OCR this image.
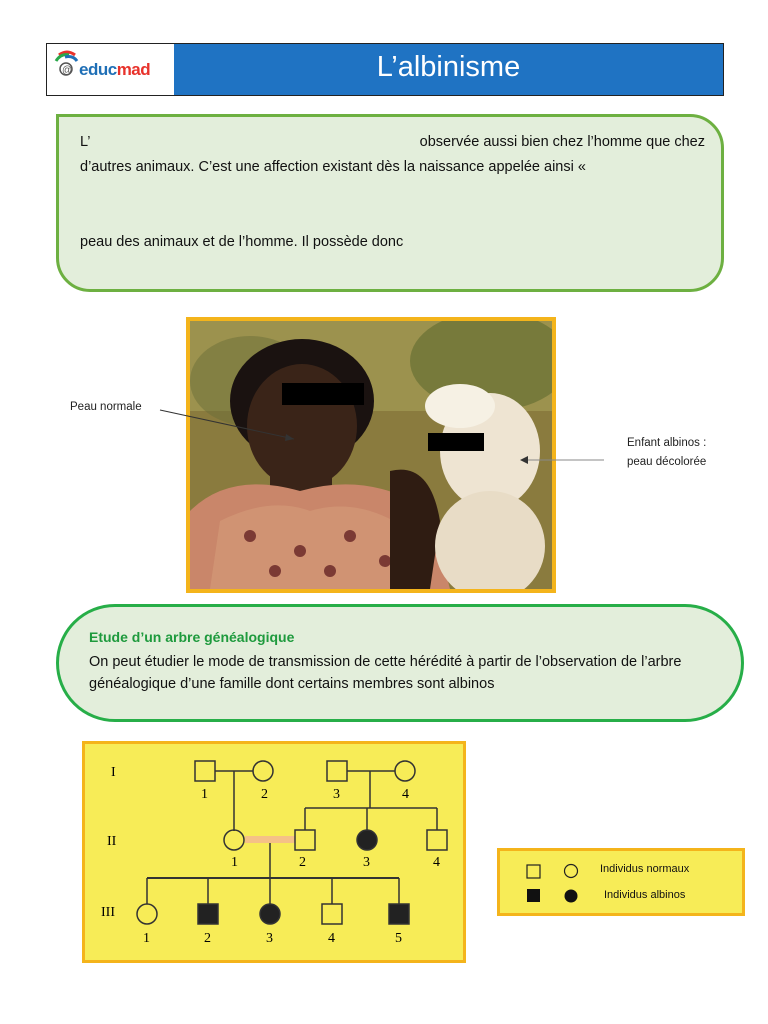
@ educmad	L’albinisme

L’	observée aussi bien chez l’homme que chez

d’autres animaux. C’est une affection existant dès la naissance appelée ainsi «

peau des animaux et de l’homme. Il possède donc

Peau normale
Enfant albinos :
peau décolorée
Etude d’un arbre généalogique
On peut étudier le mode de transmission de cette hérédité à partir de l’observation de l’arbre généalogique d’une famille dont certains membres sont albinos
I
II
III
1	2	3	4
1	2	3	4
1	2	3	4	5
Individus normaux
Individus albinos
